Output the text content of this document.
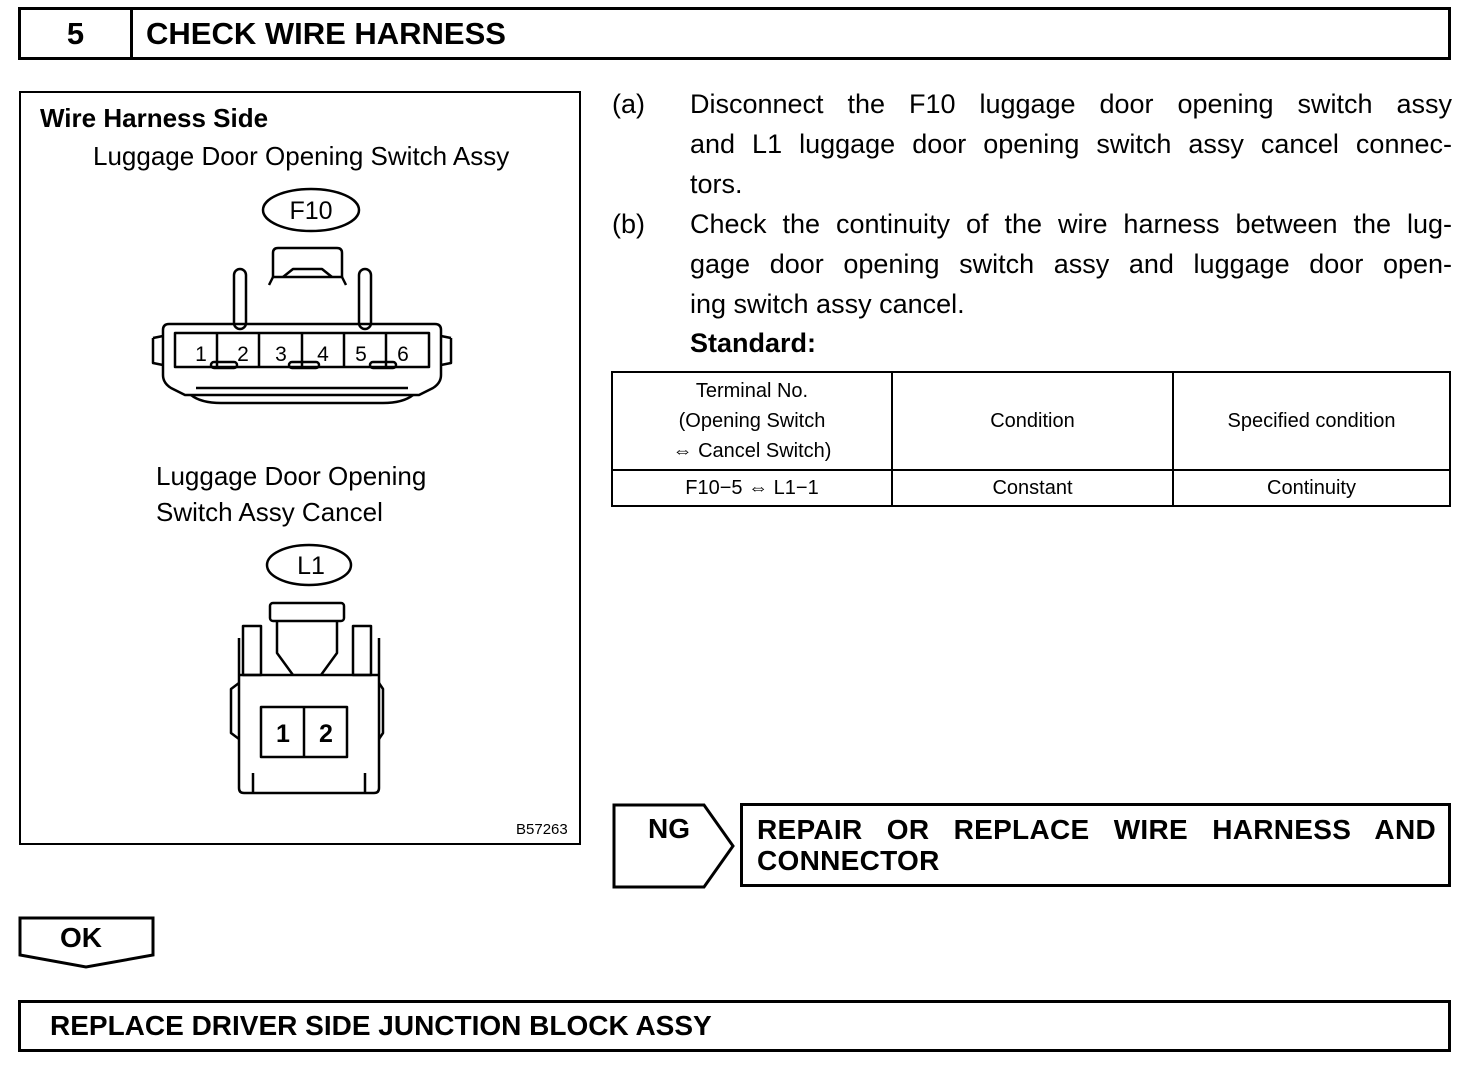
5	CHECK WIRE HARNESS
F10
1 2 3 4 5 6
L1
1 2
Wire Harness Side
Luggage Door Opening Switch Assy
Luggage Door Opening
Switch Assy Cancel
B57263
(a) Disconnect the F10 luggage door opening switch assy
and L1 luggage door opening switch assy cancel connec-
tors.
(b) Check the continuity of the wire harness between the lug-
gage door opening switch assy and luggage door open-
ing switch assy cancel.
Standard:
Terminal No.
(Opening Switch
⇔ Cancel Switch)	Condition	Specified condition
F10−5 ⇔ L1−1	Constant	Continuity
NG REPAIR OR REPLACE WIRE HARNESS AND
CONNECTOR
OK
REPLACE DRIVER SIDE JUNCTION BLOCK ASSY
